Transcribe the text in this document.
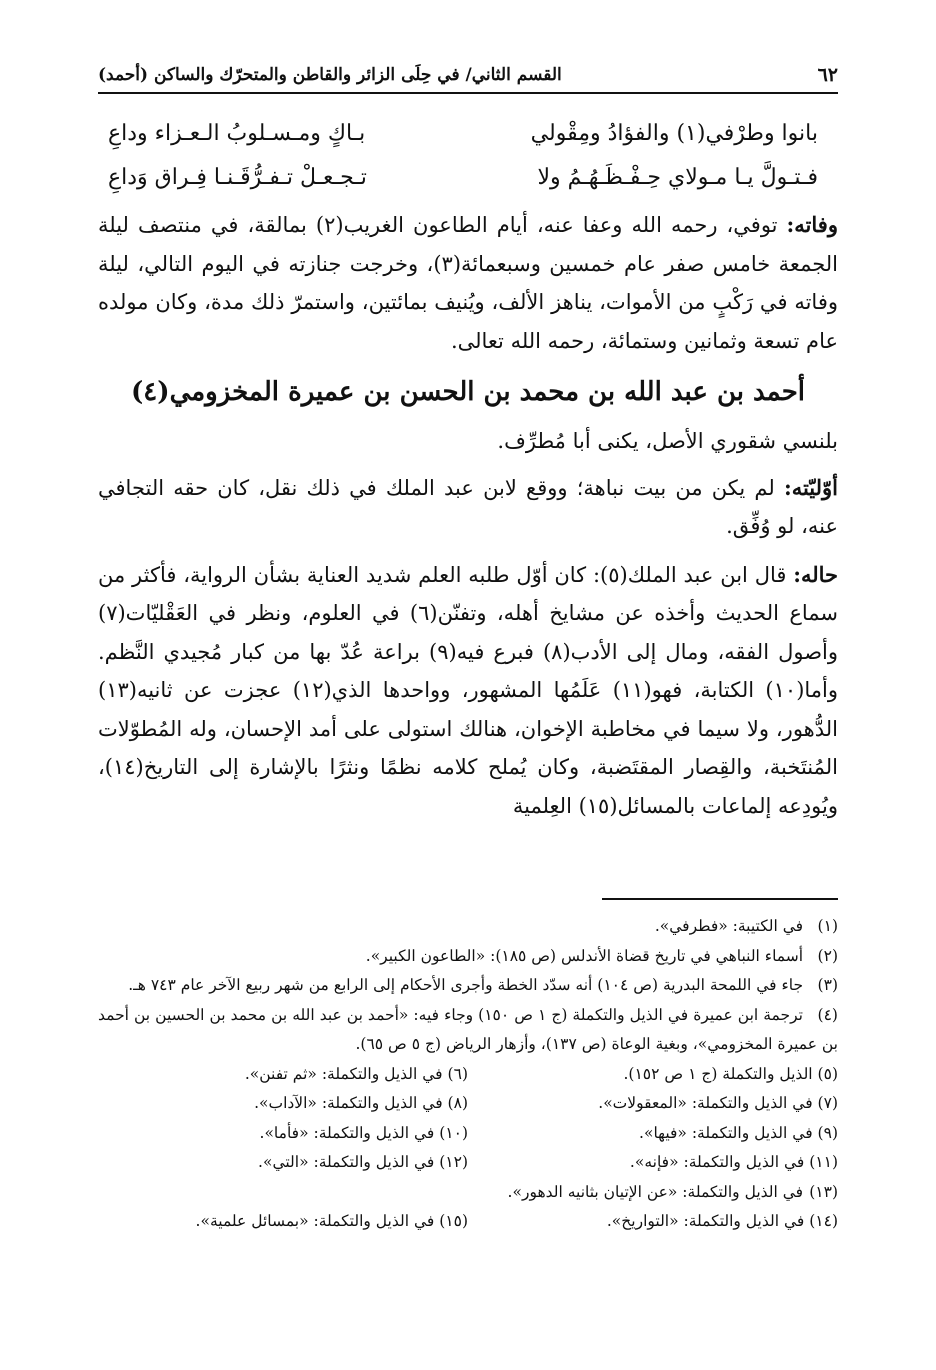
٦٢
القسم الثاني/ في حِلَى الزائر والقاطن والمتحرّك والساكن (أحمد)
بانوا وطرْفي(١) والفؤادُ ومِقْولي
بـاكٍ ومـسـلوبُ الـعـزاء وداعِ
فـتـولَّ يـا مـولاي حِـفْـظَـهُـمُ ولا
تـجـعـلْ تـفـرُّقَـنـا فِـراق وَداعِ

وفاته: توفي، رحمه الله وعفا عنه، أيام الطاعون الغريب(٢) بمالقة، في منتصف ليلة الجمعة خامس صفر عام خمسين وسبعمائة(٣)، وخرجت جنازته في اليوم التالي، ليلة وفاته في رَكْبٍ من الأموات، يناهز الألف، ويُنيف بمائتين، واستمرّ ذلك مدة، وكان مولده عام تسعة وثمانين وستمائة، رحمه الله تعالى.

أحمد بن عبد الله بن محمد بن الحسن بن عميرة المخزومي(٤)

بلنسي شقوري الأصل، يكنى أبا مُطرِّف.

أوّليّته: لم يكن من بيت نباهة؛ ووقع لابن عبد الملك في ذلك نقل، كان حقه التجافي عنه، لو وُفِّق.

حاله: قال ابن عبد الملك(٥): كان أوّل طلبه العلم شديد العناية بشأن الرواية، فأكثر من سماع الحديث وأخذه عن مشايخ أهله، وتفنّن(٦) في العلوم، ونظر في العَقْليّات(٧) وأصول الفقه، ومال إلى الأدب(٨) فبرع فيه(٩) براعة عُدّ بها من كبار مُجيدي النَّظم. وأما(١٠) الكتابة، فهو(١١) عَلَمُها المشهور، وواحدها الذي(١٢) عجزت عن ثانيه(١٣) الدُّهور، ولا سيما في مخاطبة الإخوان، هنالك استولى على أمد الإحسان، وله المُطوّلات المُنتَخبة، والقِصار المقتَضبة، وكان يُملح كلامه نظمًا ونثرًا بالإشارة إلى التاريخ(١٤)، ويُودِعه إلماعات بالمسائل(١٥) العِلمية

(١) في الكتيبة: «فطرفي».

(٢) أسماء النباهي في تاريخ قضاة الأندلس (ص ١٨٥): «الطاعون الكبير».

(٣) جاء في اللمحة البدرية (ص ١٠٤) أنه سدّد الخطة وأجرى الأحكام إلى الرابع من شهر ربيع الآخر عام ٧٤٣ هـ.

(٤) ترجمة ابن عميرة في الذيل والتكملة (ج ١ ص ١٥٠) وجاء فيه: «أحمد بن عبد الله بن محمد بن الحسين بن أحمد بن عميرة المخزومي»، وبغية الوعاة (ص ١٣٧)، وأزهار الرياض (ج ٥ ص ٦٥).

(٥) الذيل والتكملة (ج ١ ص ١٥٢).
(٦) في الذيل والتكملة: «ثم تفنن».
(٧) في الذيل والتكملة: «المعقولات».
(٨) في الذيل والتكملة: «الآداب».
(٩) في الذيل والتكملة: «فيها».
(١٠) في الذيل والتكملة: «فأما».
(١١) في الذيل والتكملة: «فإنه».
(١٢) في الذيل والتكملة: «التي».

(١٣) في الذيل والتكملة: «عن الإتيان بثانيه الدهور».

(١٤) في الذيل والتكملة: «التواريخ».
(١٥) في الذيل والتكملة: «بمسائل علمية».
